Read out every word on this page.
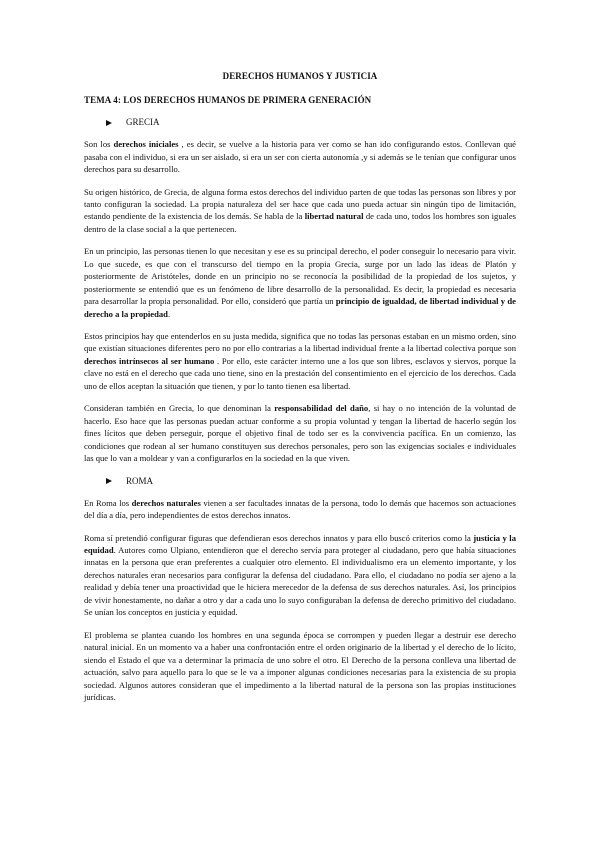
DERECHOS HUMANOS Y JUSTICIA
TEMA 4: LOS DERECHOS HUMANOS DE PRIMERA GENERACIÓN
GRECIA

Son los derechos iniciales , es decir, se vuelve a la historia para ver como se han ido configurando estos. Conllevan qué pasaba con el individuo, si era un ser aislado, si era un ser con cierta autonomía ,y si además se le tenían que configurar unos derechos para su desarrollo.

Su origen histórico, de Grecia, de alguna forma estos derechos del individuo parten de que todas las personas son libres y por tanto configuran la sociedad. La propia naturaleza del ser hace que cada uno pueda actuar sin ningún tipo de limitación, estando pendiente de la existencia de los demás. Se habla de la libertad natural de cada uno, todos los hombres son iguales dentro de la clase social a la que pertenecen.

En un principio, las personas tienen lo que necesitan y ese es su principal derecho, el poder conseguir lo necesario para vivir. Lo que sucede, es que con el transcurso del tiempo en la propia Grecia, surge por un lado las ideas de Platón y posteriormente de Aristóteles, donde en un principio no se reconocía la posibilidad de la propiedad de los sujetos, y posteriormente se entendió que es un fenómeno de libre desarrollo de la personalidad. Es decir, la propiedad es necesaria para desarrollar la propia personalidad. Por ello, consideró que partía un principio de igualdad, de libertad individual y de derecho a la propiedad.

Estos principios hay que entenderlos en su justa medida, significa que no todas las personas estaban en un mismo orden, sino que existían situaciones diferentes pero no por ello contrarias a la libertad individual frente a la libertad colectiva porque son derechos intrínsecos al ser humano . Por ello, este carácter interno une a los que son libres, esclavos y siervos, porque la clave no está en el derecho que cada uno tiene, sino en la prestación del consentimiento en el ejercicio de los derechos. Cada uno de ellos aceptan la situación que tienen, y por lo tanto tienen esa libertad.

Consideran también en Grecia, lo que denominan la responsabilidad del daño, si hay o no intención de la voluntad de hacerlo. Eso hace que las personas puedan actuar conforme a su propia voluntad y tengan la libertad de hacerlo según los fines lícitos que deben perseguir, porque el objetivo final de todo ser es la convivencia pacífica. En un comienzo, las condiciones que rodean al ser humano constituyen sus derechos personales, pero son las exigencias sociales e individuales las que lo van a moldear y van a configurarlos en la sociedad en la que viven.

ROMA

En Roma los derechos naturales vienen a ser facultades innatas de la persona, todo lo demás que hacemos son actuaciones del día a día, pero independientes de estos derechos innatos.

Roma sí pretendió configurar figuras que defendieran esos derechos innatos y para ello buscó criterios como la justicia y la equidad. Autores como Ulpiano, entendieron que el derecho servía para proteger al ciudadano, pero que había situaciones innatas en la persona que eran preferentes a cualquier otro elemento. El individualismo era un elemento importante, y los derechos naturales eran necesarios para configurar la defensa del ciudadano. Para ello, el ciudadano no podía ser ajeno a la realidad y debía tener una proactividad que le hiciera merecedor de la defensa de sus derechos naturales. Así, los principios de vivir honestamente, no dañar a otro y dar a cada uno lo suyo configuraban la defensa de derecho primitivo del ciudadano. Se unían los conceptos en justicia y equidad.

El problema se plantea cuando los hombres en una segunda época se corrompen y pueden llegar a destruir ese derecho natural inicial. En un momento va a haber una confrontación entre el orden originario de la libertad y el derecho de lo lícito, siendo el Estado el que va a determinar la primacía de uno sobre el otro. El Derecho de la persona conlleva una libertad de actuación, salvo para aquello para lo que se le va a imponer algunas condiciones necesarias para la existencia de su propia sociedad. Algunos autores consideran que el impedimento a la libertad natural de la persona son las propias instituciones jurídicas.
